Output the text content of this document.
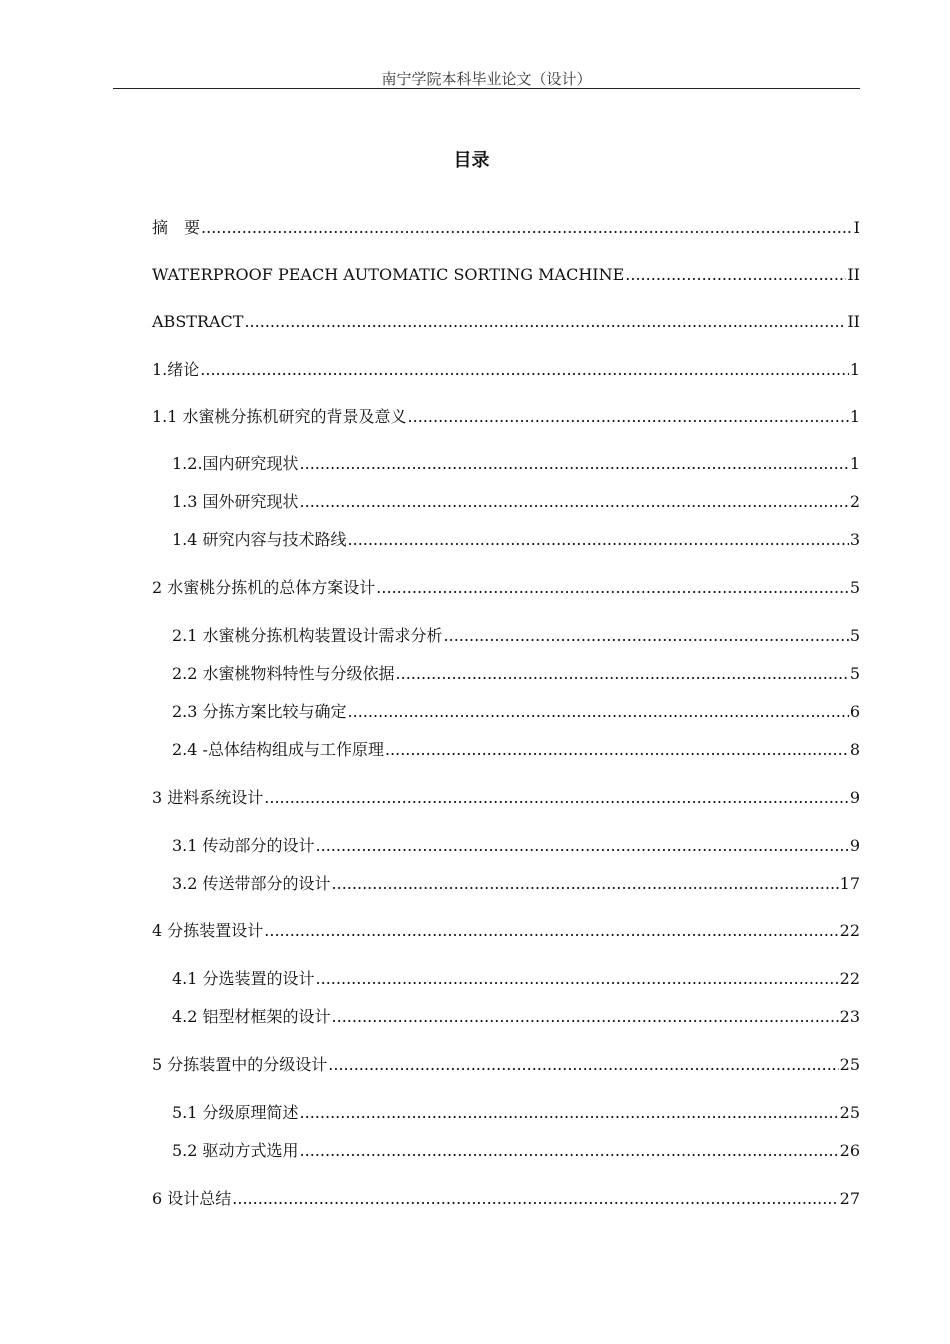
南宁学院本科毕业论文（设计）
目录
摘　要 .....	I
WATERPROOF PEACH AUTOMATIC SORTING MACHINE .....	II
ABSTRACT .....	II
1.绪论 .....	1
1.1 水蜜桃分拣机研究的背景及意义 .....	1
1.2.国内研究现状 .....	1
1.3 国外研究现状 .....	2
1.4 研究内容与技术路线 .....	3
2 水蜜桃分拣机的总体方案设计 .....	5
2.1 水蜜桃分拣机构装置设计需求分析 .....	5
2.2 水蜜桃物料特性与分级依据 .....	5
2.3 分拣方案比较与确定 .....	6
2.4 -总体结构组成与工作原理 .....	8
3 进料系统设计 .....	9
3.1 传动部分的设计 .....	9
3.2 传送带部分的设计 .....	17
4 分拣装置设计 .....	22
4.1 分选装置的设计 .....	22
4.2 铝型材框架的设计 .....	23
5 分拣装置中的分级设计 .....	25
5.1 分级原理简述 .....	25
5.2 驱动方式选用 .....	26
6 设计总结 .....	27
